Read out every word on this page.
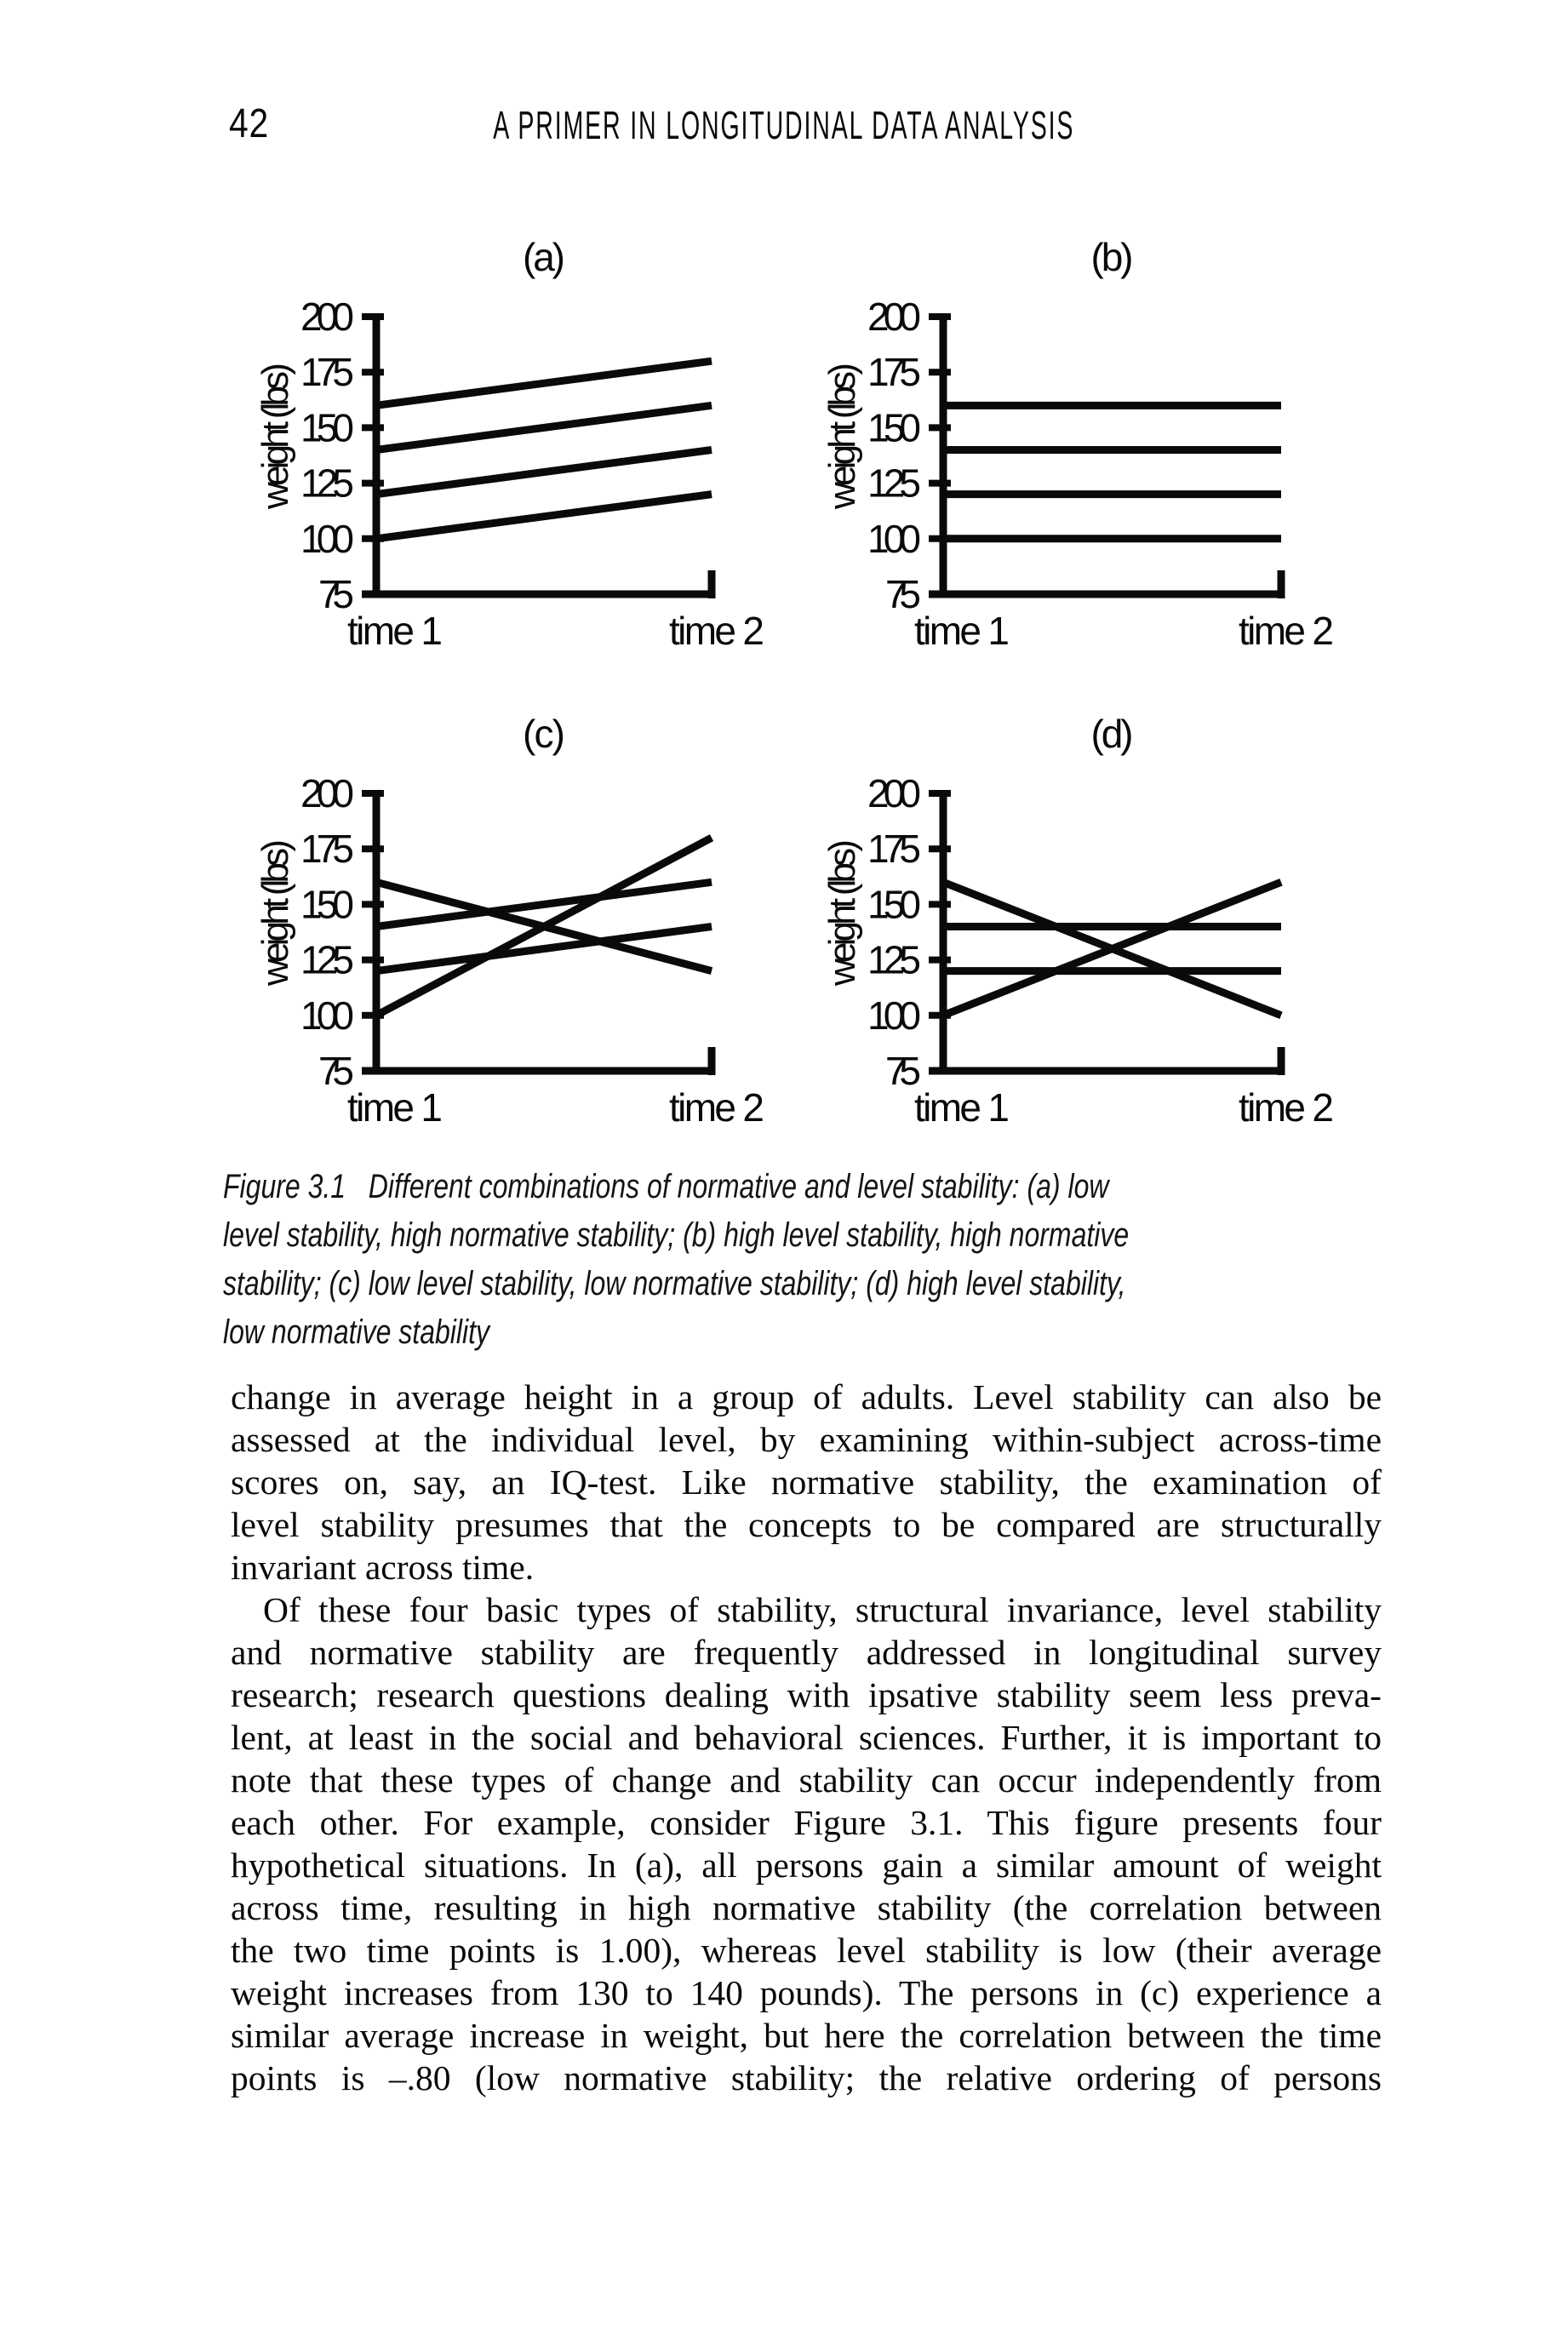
42	A PRIMER IN LONGITUDINAL DATA ANALYSIS
(a)
200
175
150
125
100
75
weight (lbs)
time 1	time 2
(b)
200
175
150
125
100
75
weight (lbs)
time 1	time 2
(c)
200
175
150
125
100
75
weight (lbs)
time 1	time 2
(d)
200
175
150
125
100
75
weight (lbs)
time 1	time 2
Figure 3.1   Different combinations of normative and level stability: (a) low
level stability, high normative stability; (b) high level stability, high normative
stability; (c) low level stability, low normative stability; (d) high level stability,
low normative stability
change in average height in a group of adults. Level stability can also be
assessed at the individual level, by examining within-subject across-time
scores on, say, an IQ-test. Like normative stability, the examination of
level stability presumes that the concepts to be compared are structurally
invariant across time.
Of these four basic types of stability, structural invariance, level stability
and normative stability are frequently addressed in longitudinal survey
research; research questions dealing with ipsative stability seem less preva-
lent, at least in the social and behavioral sciences. Further, it is important to
note that these types of change and stability can occur independently from
each other. For example, consider Figure 3.1. This figure presents four
hypothetical situations. In (a), all persons gain a similar amount of weight
across time, resulting in high normative stability (the correlation between
the two time points is 1.00), whereas level stability is low (their average
weight increases from 130 to 140 pounds). The persons in (c) experience a
similar average increase in weight, but here the correlation between the time
points is –.80 (low normative stability; the relative ordering of persons
